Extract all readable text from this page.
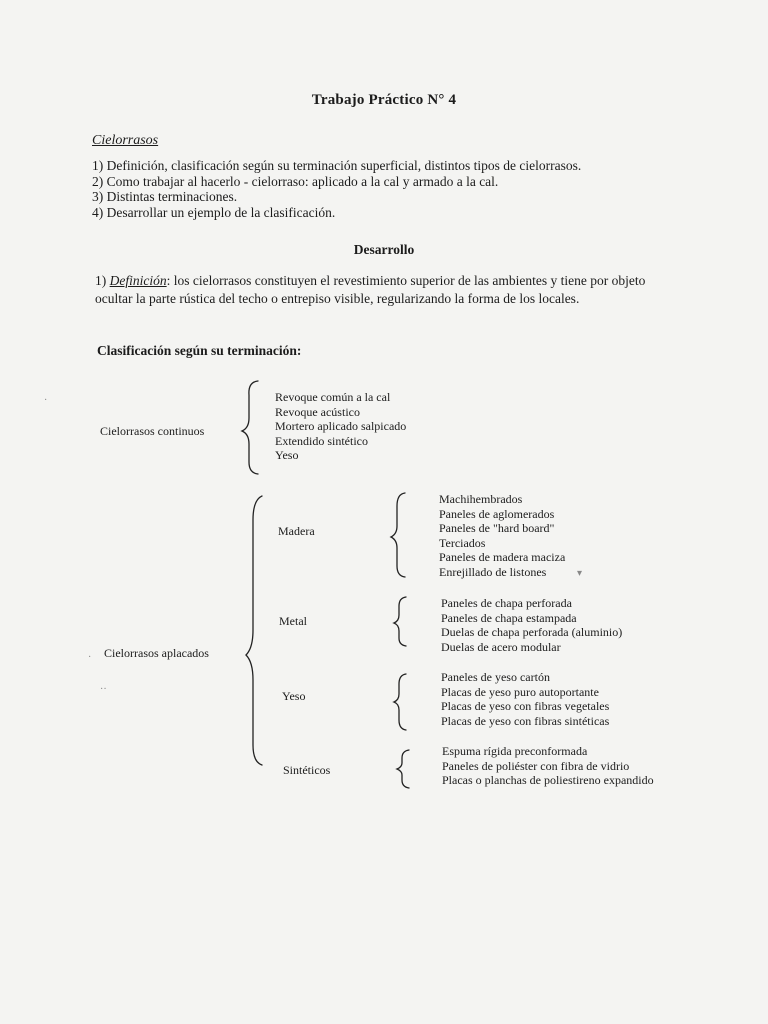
Trabajo Práctico N° 4
Cielorrasos
1) Definición, clasificación según su terminación superficial, distintos tipos de cielorrasos.
2) Como trabajar al hacerlo - cielorraso: aplicado a la cal y armado a la cal.
3) Distintas terminaciones.
4) Desarrollar un ejemplo de la clasificación.
Desarrollo
1) Definición: los cielorrasos constituyen el revestimiento superior de las ambientes y tiene por objeto ocultar la parte rústica del techo o entrepiso visible, regularizando la forma de los locales.
Clasificación según su terminación:
Cielorrasos continuos
Revoque común a la cal
Revoque acústico
Mortero aplicado salpicado
Extendido sintético
Yeso
Cielorrasos aplacados
Madera
Machihembrados
Paneles de aglomerados
Paneles de "hard board"
Terciados
Paneles de madera maciza
Enrejillado de listones
Metal
Paneles de chapa perforada
Paneles de chapa estampada
Duelas de chapa perforada (aluminio)
Duelas de acero modular
Yeso
Paneles de yeso cartón
Placas de yeso puro autoportante
Placas de yeso con fibras vegetales
Placas de yeso con fibras sintéticas
Sintéticos
Espuma rígida preconformada
Paneles de poliéster con fibra de vidrio
Placas o planchas de poliestireno expandido
▾
·
··
·
